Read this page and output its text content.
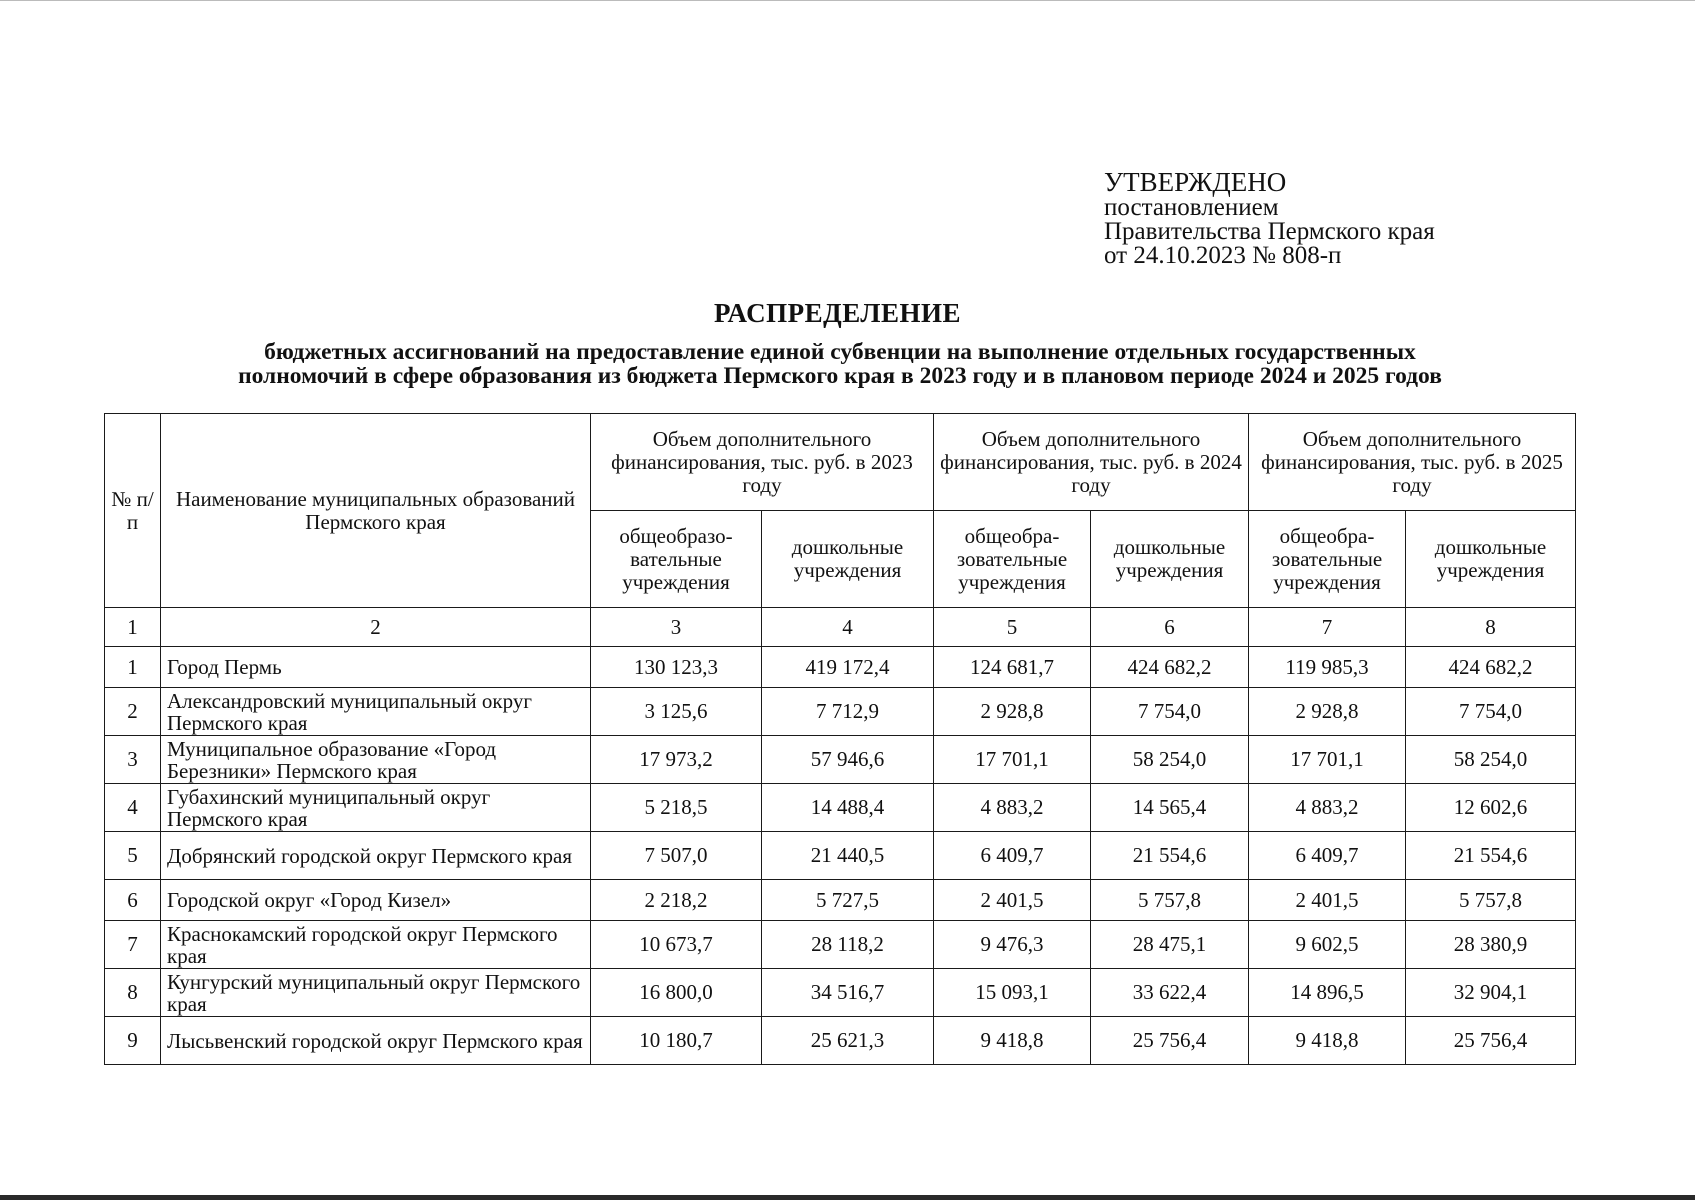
УТВЕРЖДЕНО
постановлением
Правительства Пермского края
от 24.10.2023 № 808-п
РАСПРЕДЕЛЕНИЕ
бюджетных ассигнований на предоставление единой субвенции на выполнение отдельных государственных
полномочий в сфере образования из бюджета Пермского края в 2023 году и в плановом периоде 2024 и 2025 годов
№ п/п	Наименование муниципальных образований Пермского края	Объем дополнительного финансирования, тыс. руб. в 2023 году		Объем дополнительного финансирования, тыс. руб. в 2024 году		Объем дополнительного финансирования, тыс. руб. в 2025 году	
		общеобразо-вательные учреждения	дошкольные учреждения	общеобра-зовательные учреждения	дошкольные учреждения	общеобра-зовательные учреждения	дошкольные учреждения
1	2	3	4	5	6	7	8
1	Город Пермь	130 123,3	419 172,4	124 681,7	424 682,2	119 985,3	424 682,2
2	Александровский муниципальный округ Пермского края	3 125,6	7 712,9	2 928,8	7 754,0	2 928,8	7 754,0
3	Муниципальное образование «Город Березники» Пермского края	17 973,2	57 946,6	17 701,1	58 254,0	17 701,1	58 254,0
4	Губахинский муниципальный округ Пермского края	5 218,5	14 488,4	4 883,2	14 565,4	4 883,2	12 602,6
5	Добрянский городской округ Пермского края	7 507,0	21 440,5	6 409,7	21 554,6	6 409,7	21 554,6
6	Городской округ «Город Кизел»	2 218,2	5 727,5	2 401,5	5 757,8	2 401,5	5 757,8
7	Краснокамский городской округ Пермского края	10 673,7	28 118,2	9 476,3	28 475,1	9 602,5	28 380,9
8	Кунгурский муниципальный округ Пермского края	16 800,0	34 516,7	15 093,1	33 622,4	14 896,5	32 904,1
9	Лысьвенский городской округ Пермского края	10 180,7	25 621,3	9 418,8	25 756,4	9 418,8	25 756,4
